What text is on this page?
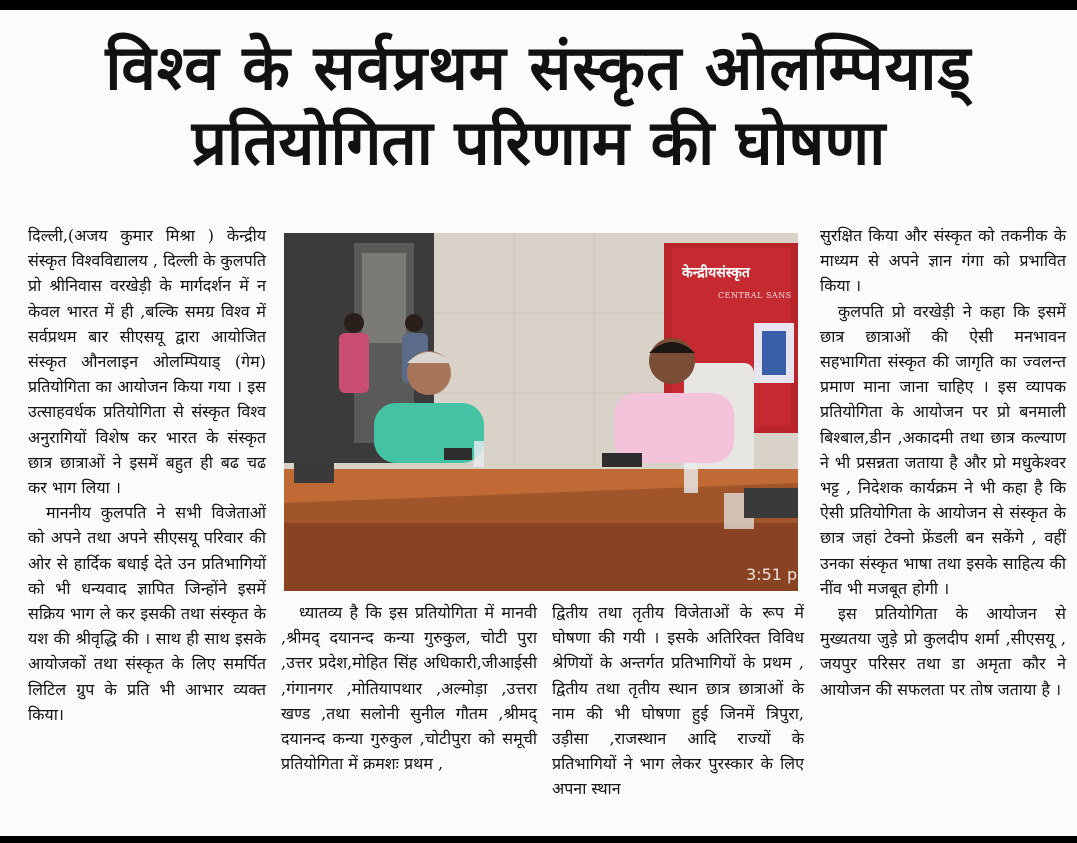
विश्व के सर्वप्रथम संस्कृत ओलम्पियाड्
प्रतियोगिता परिणाम की घोषणा

दिल्ली,(अजय कुमार मिश्रा ) केन्द्रीय संस्कृत विश्वविद्यालय , दिल्ली के कुलपति प्रो श्रीनिवास वरखेड़ी के मार्गदर्शन में न केवल भारत में ही ,बल्कि समग्र विश्व में सर्वप्रथम बार सीएसयू द्वारा आयोजित संस्कृत औनलाइन ओलम्पियाड् (गेम) प्रतियोगिता का आयोजन किया गया । इस उत्साहवर्धक प्रतियोगिता से संस्कृत विश्व अनुरागियों विशेष कर भारत के संस्कृत छात्र छात्राओं ने इसमें बहुत ही बढ चढ कर भाग लिया ।

माननीय कुलपति ने सभी विजेताओं को अपने तथा अपने सीएसयू परिवार की ओर से हार्दिक बधाई देते उन प्रतिभागियों को भी धन्यवाद ज्ञापित जिन्होंने इसमें सक्रिय भाग ले कर इसकी तथा संस्कृत के यश की श्रीवृद्धि की । साथ ही साथ इसके आयोजकों तथा संस्कृत के लिए समर्पित लिटिल ग्रुप के प्रति भी आभार व्यक्त किया।

केन्द्रीयसंस्कृत
CENTRAL SANS
3:51 p

ध्यातव्य है कि इस प्रतियोगिता में मानवी ,श्रीमद् दयानन्द कन्या गुरुकुल, चोटी पुरा ,उत्तर प्रदेश,मोहित सिंह अधिकारी,जीआईसी ,गंगानगर ,मोतियापथार ,अल्मोड़ा ,उत्तरा खण्ड ,तथा सलोनी सुनील गौतम ,श्रीमद् दयानन्द कन्या गुरुकुल ,चोटीपुरा को समूची प्रतियोगिता में क्रमशः प्रथम ,

द्वितीय तथा तृतीय विजेताओं के रूप में घोषणा की गयी । इसके अतिरिक्त विविध श्रेणियों के अन्तर्गत प्रतिभागियों के प्रथम , द्वितीय तथा तृतीय स्थान छात्र छात्राओं के नाम की भी घोषणा हुई जिनमें त्रिपुरा, उड़ीसा ,राजस्थान आदि राज्यों के प्रतिभागियों ने भाग लेकर पुरस्कार के लिए अपना स्थान

सुरक्षित किया और संस्कृत को तकनीक के माध्यम से अपने ज्ञान गंगा को प्रभावित किया ।

कुलपति प्रो वरखेड़ी ने कहा कि इसमें छात्र छात्राओं की ऐसी मनभावन सहभागिता संस्कृत की जागृति का ज्वलन्त प्रमाण माना जाना चाहिए । इस व्यापक प्रतियोगिता के आयोजन पर प्रो बनमाली बिश्बाल,डीन ,अकादमी तथा छात्र कल्याण ने भी प्रसन्नता जताया है और प्रो मधुकेश्वर भट्ट , निदेशक कार्यक्रम ने भी कहा है कि ऐसी प्रतियोगिता के आयोजन से संस्कृत के छात्र जहां टेक्नो फ्रेंडली बन सकेंगे , वहीं उनका संस्कृत भाषा तथा इसके साहित्य की नींव भी मजबूत होगी ।

इस प्रतियोगिता के आयोजन से मुख्यतया जुड़े प्रो कुलदीप शर्मा ,सीएसयू , जयपुर परिसर तथा डा अमृता कौर ने आयोजन की सफलता पर तोष जताया है ।
